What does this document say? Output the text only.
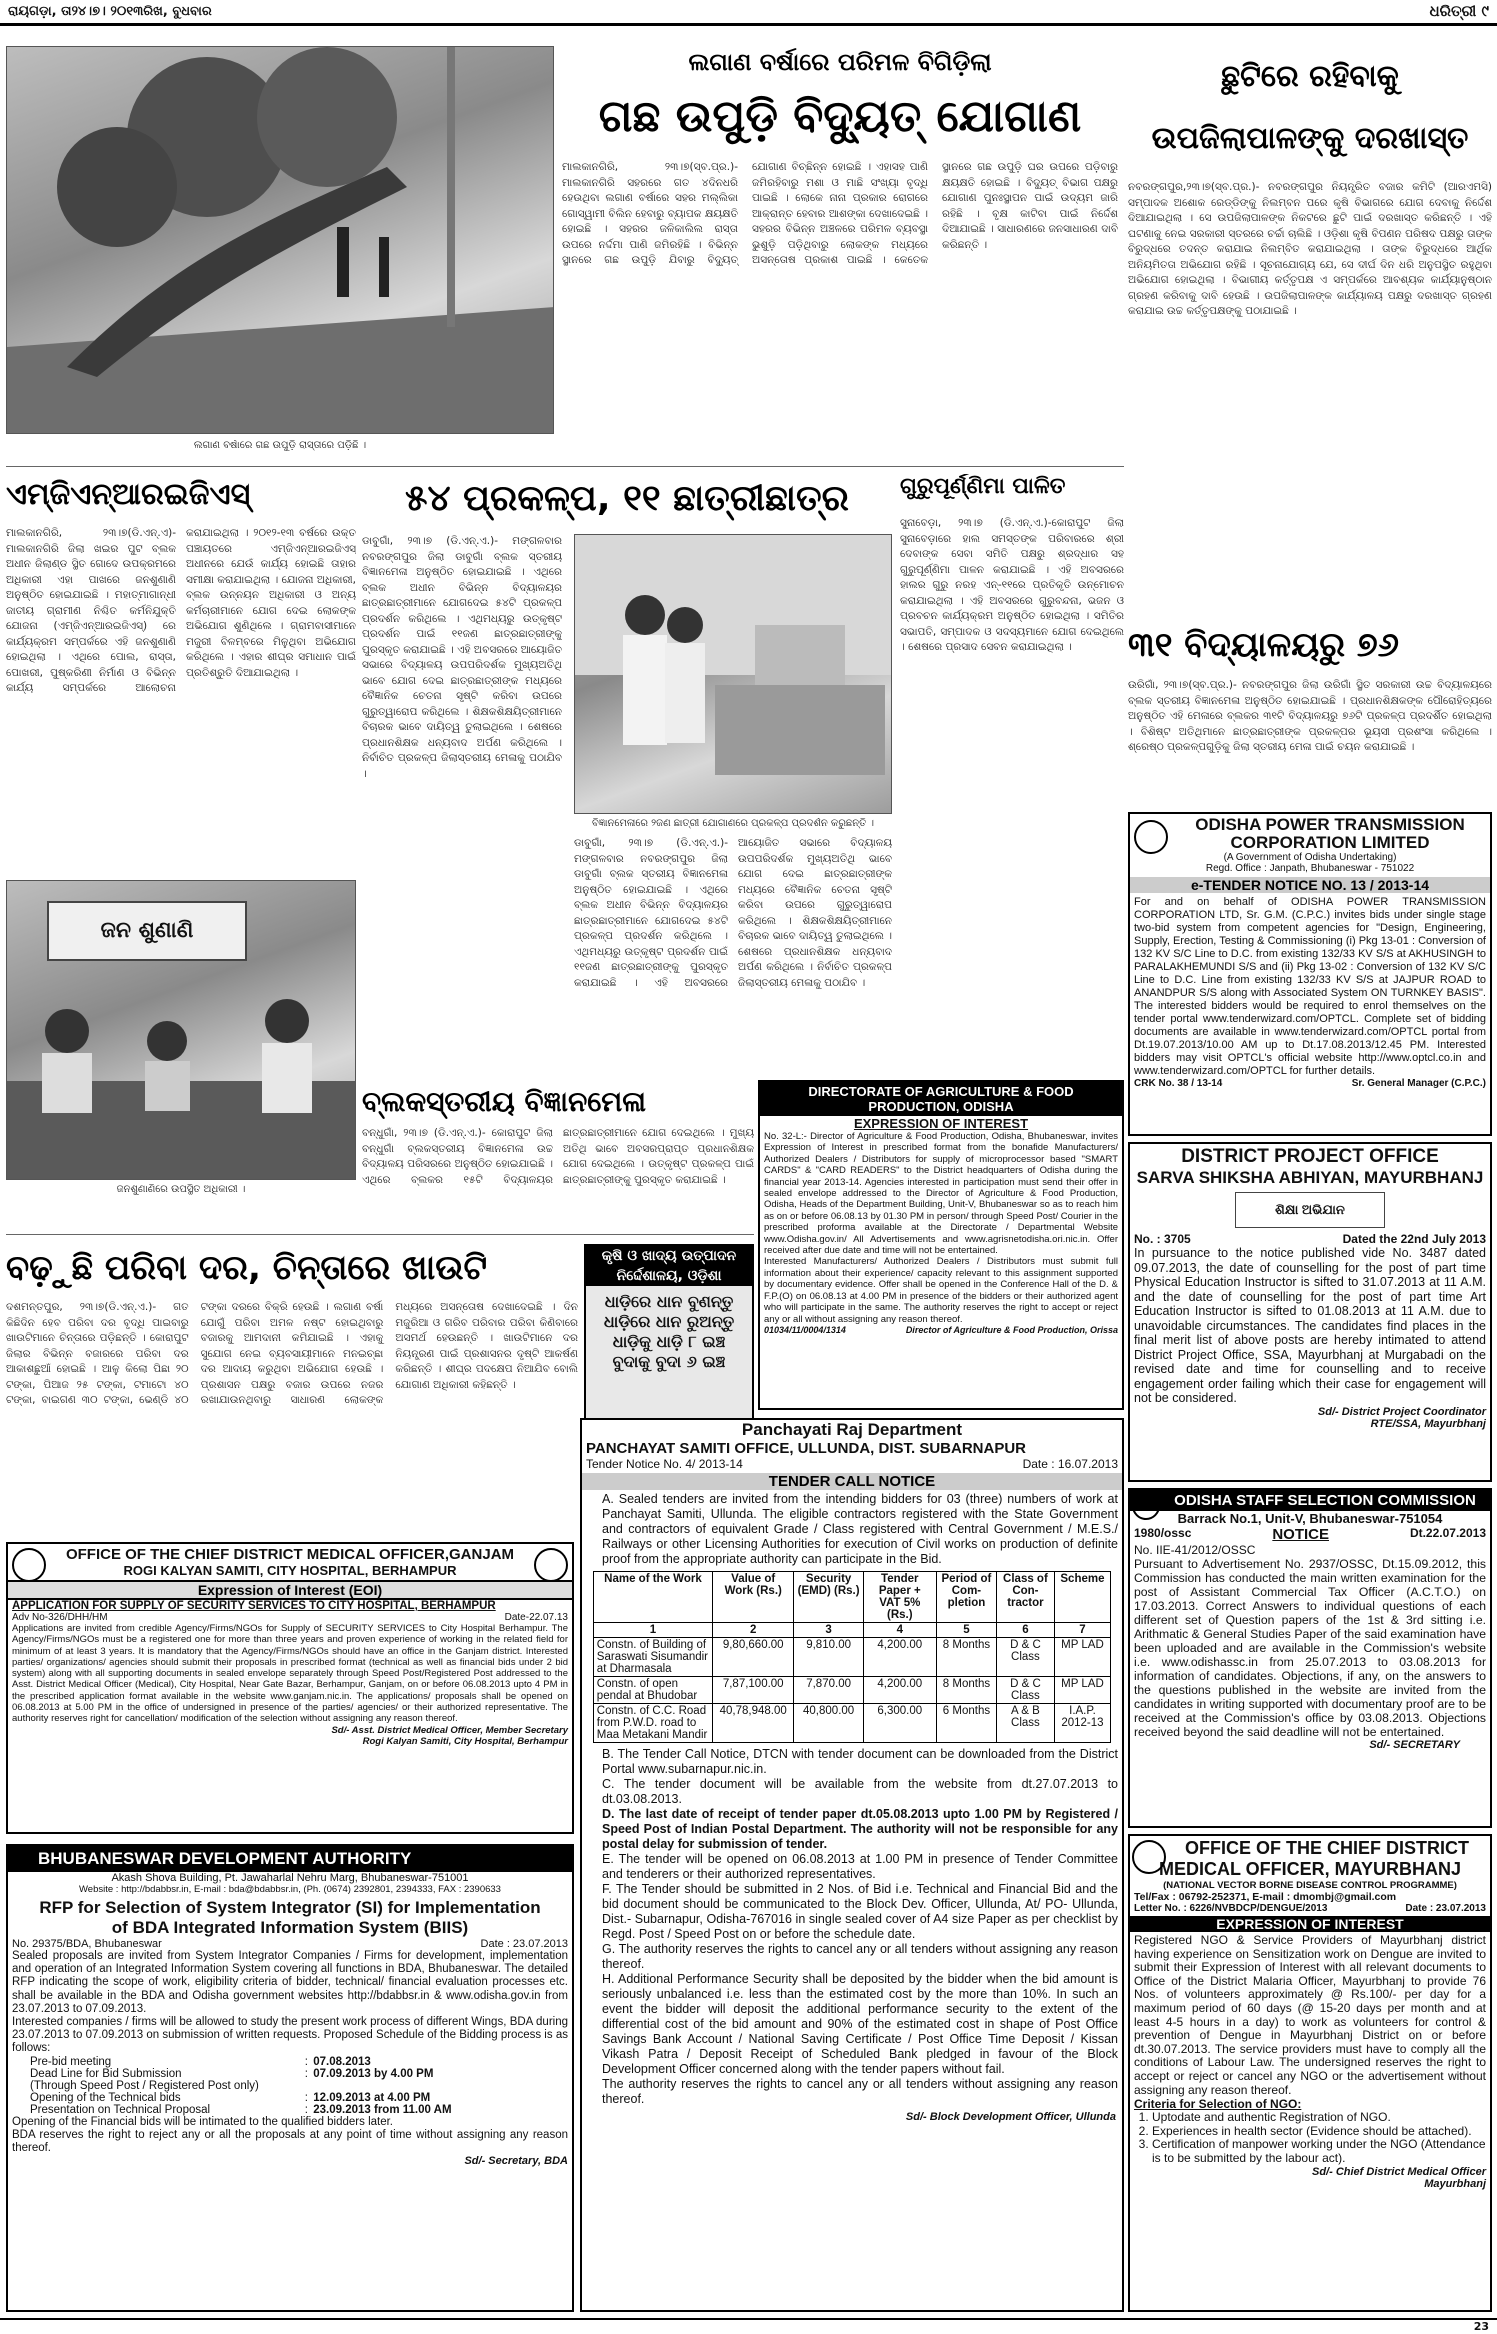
ରାୟଗଡ଼ା, ତା୨୪।୭। ୨୦୧୩ରିଖ, ବୁଧବାର	ଧରିତ୍ରୀ ୯
ଲଗାଣ ବର୍ଷାରେ ଗଛ ଉପୁଡ଼ି ରାସ୍ତାରେ ପଡ଼ିଛି ।
ଲଗାଣ ବର୍ଷାରେ ପରିମଳ ବିଗିଡ଼ିଲା
ଗଛ ଉପୁଡ଼ି ବିଦ୍ୟୁତ୍ ଯୋଗାଣ
ମାଲକାନଗିରି, ୨୩।୭(ସ୍ବ.ପ୍ର.)- ମାଲକାନଗିରି ସହରରେ ଗତ ୪ଦିନଧରି ହେଉଥିବା ଲଗାଣ ବର୍ଷାରେ ସହର ମଲ୍ଲିକା ଗୋସ୍ୱାମୀ ବିଲିନ ହେବାରୁ ବ୍ୟାପକ କ୍ଷୟକ୍ଷତି ହୋଇଛି । ସହରର ଜଳିକାଲିଲ ରାସ୍ତା ଉପରେ ନର୍ଦ୍ଦମା ପାଣି ଜମିରହିଛି । ବିଭିନ୍ନ ସ୍ଥାନରେ ଗଛ ଉପୁଡ଼ି ଯିବାରୁ ବିଦ୍ୟୁତ୍ ଯୋଗାଣ ବିଚ୍ଛିନ୍ନ ହୋଇଛି । ଏହାସହ ପାଣି ଜମିରହିବାରୁ ମଶା ଓ ମାଛି ସଂଖ୍ୟା ବୃଦ୍ଧି ପାଇଛି । ଲୋକେ ନାନା ପ୍ରକାର ରୋଗରେ ଆକ୍ରାନ୍ତ ହେବାର ଆଶଙ୍କା ଦେଖାଦେଇଛି । ସହରର ବିଭିନ୍ନ ଅଞ୍ଚଳରେ ପରିମଳ ବ୍ୟବସ୍ଥା ଭୁଶୁଡ଼ି ପଡ଼ିଥିବାରୁ ଲୋକଙ୍କ ମଧ୍ୟରେ ଅସନ୍ତୋଷ ପ୍ରକାଶ ପାଇଛି । କେତେକ ସ୍ଥାନରେ ଗଛ ଉପୁଡ଼ି ଘର ଉପରେ ପଡ଼ିବାରୁ କ୍ଷୟକ୍ଷତି ହୋଇଛି । ବିଦ୍ୟୁତ୍ ବିଭାଗ ପକ୍ଷରୁ ଯୋଗାଣ ପୁନଃସ୍ଥାପନ ପାଇଁ ଉଦ୍ୟମ ଜାରି ରହିଛି । ବୃକ୍ଷ କାଟିବା ପାଇଁ ନିର୍ଦ୍ଦେଶ ଦିଆଯାଇଛି । ସାଧାରଣରେ ଜନସାଧାରଣ ଦାବି କରିଛନ୍ତି ।
ଛୁଟିରେ ରହିବାକୁ ଉପଜିଲାପାଳଙ୍କୁ ଦରଖାସ୍ତ
ନବରଙ୍ଗପୁର,୨୩।୭(ସ୍ବ.ପ୍ର.)- ନବରଙ୍ଗପୁର ନିୟନ୍ତ୍ରିତ ବଜାର କମିଟି (ଆରଏମସି) ସମ୍ପାଦକ ଅଶୋକ ରେଡ୍ଡିଙ୍କୁ ନିଲମ୍ବନ ପରେ କୃଷି ବିଭାଗରେ ଯୋଗ ଦେବାକୁ ନିର୍ଦ୍ଦେଶ ଦିଆଯାଇଥିଲା । ସେ ଉପଜିଲାପାଳଙ୍କ ନିକଟରେ ଛୁଟି ପାଇଁ ଦରଖାସ୍ତ କରିଛନ୍ତି । ଏହି ଘଟଣାକୁ ନେଇ ସରକାରୀ ସ୍ତରରେ ଚର୍ଚ୍ଚା ଚାଲିଛି । ଓଡ଼ିଶା କୃଷି ବିପଣନ ପରିଷଦ ପକ୍ଷରୁ ତାଙ୍କ ବିରୁଦ୍ଧରେ ତଦନ୍ତ କରାଯାଇ ନିଲମ୍ବିତ କରାଯାଇଥିଲା । ତାଙ୍କ ବିରୁଦ୍ଧରେ ଆର୍ଥିକ ଅନିୟମିତତା ଅଭିଯୋଗ ରହିଛି । ସୂଚନାଯୋଗ୍ୟ ଯେ, ସେ ଦୀର୍ଘ ଦିନ ଧରି ଅନୁପସ୍ଥିତ ରହୁଥିବା ଅଭିଯୋଗ ହୋଇଥିଲା । ବିଭାଗୀୟ କର୍ତ୍ତୃପକ୍ଷ ଏ ସମ୍ପର୍କରେ ଆବଶ୍ୟକ କାର୍ଯ୍ୟାନୁଷ୍ଠାନ ଗ୍ରହଣ କରିବାକୁ ଦାବି ହେଉଛି । ଉପଜିଲାପାଳଙ୍କ କାର୍ଯ୍ୟାଳୟ ପକ୍ଷରୁ ଦରଖାସ୍ତ ଗ୍ରହଣ କରାଯାଇ ଉଚ୍ଚ କର୍ତ୍ତୃପକ୍ଷଙ୍କୁ ପଠାଯାଇଛି ।
ଏମ୍‌ଜିଏନ୍ଆରଇଜିଏସ୍
ମାଲକାନଗିରି, ୨୩।୭(ଡି.ଏନ୍.ଏ)- ମାଲକାନଗିରି ଜିଲା ଖଇର ପୁଟ ବ୍ଲକ ଅଧୀନ ଜିଲାଣ୍ଡ ସ୍ଥିତ ଗୋଦେ ଉପକ୍ରମରେ ଅଧିକାରୀ ଏହା ପାଖରେ ଜନଶୁଣାଣି ଅନୁଷ୍ଠିତ ହୋଇଯାଇଛି । ମହାତ୍ମାଗାନ୍ଧୀ ଜାତୀୟ ଗ୍ରାମୀଣ ନିଶ୍ଚିତ କର୍ମନିଯୁକ୍ତି ଯୋଜନା (ଏମ୍‌ଜିଏନ୍ଆରଇଜିଏସ୍) ରେ କାର୍ଯ୍ୟକ୍ରମ ସମ୍ପର୍କରେ ଏହି ଜନଶୁଣାଣି ହୋଇଥିଲା । ଏଥିରେ ପୋଲ, ରାସ୍ତା, ପୋଖରୀ, ପୁଷ୍କରିଣୀ ନିର୍ମାଣ ଓ ବିଭିନ୍ନ କାର୍ଯ୍ୟ ସମ୍ପର୍କରେ ଆଲୋଚନା କରାଯାଇଥିଲା । ୨୦୧୨-୧୩ ବର୍ଷରେ ଉକ୍ତ ପଞ୍ଚାୟତରେ ଏମ୍‌ଜିଏନ୍ଆରଇଜିଏସ୍ ଅଧୀନରେ ଯେଉଁ କାର୍ଯ୍ୟ ହୋଇଛି ତାହାର ସମୀକ୍ଷା କରାଯାଇଥିଲା । ଯୋଜନା ଅଧିକାରୀ, ବ୍ଲକ ଉନ୍ନୟନ ଅଧିକାରୀ ଓ ଅନ୍ୟ କର୍ମଚାରୀମାନେ ଯୋଗ ଦେଇ ଲୋକଙ୍କ ଅଭିଯୋଗ ଶୁଣିଥିଲେ । ଗ୍ରାମବାସୀମାନେ ମଜୁରୀ ବିଳମ୍ବରେ ମିଳୁଥିବା ଅଭିଯୋଗ କରିଥିଲେ । ଏହାର ଶୀଘ୍ର ସମାଧାନ ପାଇଁ ପ୍ରତିଶ୍ରୁତି ଦିଆଯାଇଥିଲା ।
ଜନ ଶୁଣାଣି
ଜନଶୁଣାଣିରେ ଉପସ୍ଥିତ ଅଧିକାରୀ ।
୫୪ ପ୍ରକଳ୍ପ, ୧୧ ଛାତ୍ରୀଛାତ୍ର
ଡାବୁଗାଁ, ୨୩।୭ (ଡି.ଏନ୍.ଏ.)- ମଙ୍ଗଳବାର ନବରଙ୍ଗପୁର ଜିଲା ଡାବୁଗାଁ ବ୍ଲକ ସ୍ତରୀୟ ବିଜ୍ଞାନମେଳା ଅନୁଷ୍ଠିତ ହୋଇଯାଇଛି । ଏଥିରେ ବ୍ଲକ ଅଧୀନ ବିଭିନ୍ନ ବିଦ୍ୟାଳୟର ଛାତ୍ରଛାତ୍ରୀମାନେ ଯୋଗଦେଇ ୫୪ଟି ପ୍ରକଳ୍ପ ପ୍ରଦର୍ଶନ କରିଥିଲେ । ଏଥିମଧ୍ୟରୁ ଉତ୍କୃଷ୍ଟ ପ୍ରଦର୍ଶନ ପାଇଁ ୧୧ଜଣ ଛାତ୍ରଛାତ୍ରୀଙ୍କୁ ପୁରସ୍କୃତ କରାଯାଇଛି । ଏହି ଅବସରରେ ଆୟୋଜିତ ସଭାରେ ବିଦ୍ୟାଳୟ ଉପପରିଦର୍ଶକ ମୁଖ୍ୟଅତିଥି ଭାବେ ଯୋଗ ଦେଇ ଛାତ୍ରଛାତ୍ରୀଙ୍କ ମଧ୍ୟରେ ବୈଜ୍ଞାନିକ ଚେତନା ସୃଷ୍ଟି କରିବା ଉପରେ ଗୁରୁତ୍ୱାରୋପ କରିଥିଲେ । ଶିକ୍ଷକଶିକ୍ଷୟିତ୍ରୀମାନେ ବିଚାରକ ଭାବେ ଦାୟିତ୍ୱ ତୁଲାଇଥିଲେ । ଶେଷରେ ପ୍ରଧାନଶିକ୍ଷକ ଧନ୍ୟବାଦ ଅର୍ପଣ କରିଥିଲେ । ନିର୍ବାଚିତ ପ୍ରକଳ୍ପ ଜିଲାସ୍ତରୀୟ ମେଳାକୁ ପଠାଯିବ ।
ବିଜ୍ଞାନମେଳାରେ ୨ଜଣ ଛାତ୍ରୀ ଯୋଗାଣରେ ପ୍ରକଳ୍ପ ପ୍ରଦର୍ଶନ କରୁଛନ୍ତି ।
ଡାବୁଗାଁ, ୨୩।୭ (ଡି.ଏନ୍.ଏ.)- ମଙ୍ଗଳବାର ନବରଙ୍ଗପୁର ଜିଲା ଡାବୁଗାଁ ବ୍ଲକ ସ୍ତରୀୟ ବିଜ୍ଞାନମେଳା ଅନୁଷ୍ଠିତ ହୋଇଯାଇଛି । ଏଥିରେ ବ୍ଲକ ଅଧୀନ ବିଭିନ୍ନ ବିଦ୍ୟାଳୟର ଛାତ୍ରଛାତ୍ରୀମାନେ ଯୋଗଦେଇ ୫୪ଟି ପ୍ରକଳ୍ପ ପ୍ରଦର୍ଶନ କରିଥିଲେ । ଏଥିମଧ୍ୟରୁ ଉତ୍କୃଷ୍ଟ ପ୍ରଦର୍ଶନ ପାଇଁ ୧୧ଜଣ ଛାତ୍ରଛାତ୍ରୀଙ୍କୁ ପୁରସ୍କୃତ କରାଯାଇଛି । ଏହି ଅବସରରେ ଆୟୋଜିତ ସଭାରେ ବିଦ୍ୟାଳୟ ଉପପରିଦର୍ଶକ ମୁଖ୍ୟଅତିଥି ଭାବେ ଯୋଗ ଦେଇ ଛାତ୍ରଛାତ୍ରୀଙ୍କ ମଧ୍ୟରେ ବୈଜ୍ଞାନିକ ଚେତନା ସୃଷ୍ଟି କରିବା ଉପରେ ଗୁରୁତ୍ୱାରୋପ କରିଥିଲେ । ଶିକ୍ଷକଶିକ୍ଷୟିତ୍ରୀମାନେ ବିଚାରକ ଭାବେ ଦାୟିତ୍ୱ ତୁଲାଇଥିଲେ । ଶେଷରେ ପ୍ରଧାନଶିକ୍ଷକ ଧନ୍ୟବାଦ ଅର୍ପଣ କରିଥିଲେ । ନିର୍ବାଚିତ ପ୍ରକଳ୍ପ ଜିଲାସ୍ତରୀୟ ମେଳାକୁ ପଠାଯିବ ।
ଗୁରୁପୂର୍ଣ୍ଣିମା ପାଳିତ
ସୁନାବେଡ଼ା, ୨୩।୭ (ଡି.ଏନ୍.ଏ.)-କୋରାପୁଟ ଜିଲା ସୁନାବେଡ଼ାରେ ହାଲ ସମସ୍ତଙ୍କ ପରିବାରରେ ଶ୍ରୀ ଦେବାଙ୍କ ସେବା ସମିତି ପକ୍ଷରୁ ଶ୍ରଦ୍ଧାର ସହ ଗୁରୁପୂର୍ଣ୍ଣିମା ପାଳନ କରାଯାଇଛି । ଏହି ଅବସରରେ ହାଲର ଗୁରୁ ନରହ ଏନ୍-୧୧ରେ ପ୍ରତିକୃତି ଉନ୍ମୋଚନ କରାଯାଇଥିଲା । ଏହି ଅବସରରେ ଗୁରୁବନ୍ଦନା, ଭଜନ ଓ ପ୍ରବଚନ କାର୍ଯ୍ୟକ୍ରମ ଅନୁଷ୍ଠିତ ହୋଇଥିଲା । ସମିତିର ସଭାପତି, ସମ୍ପାଦକ ଓ ସଦସ୍ୟମାନେ ଯୋଗ ଦେଇଥିଲେ । ଶେଷରେ ପ୍ରସାଦ ସେବନ କରାଯାଇଥିଲା ।	୩୧ ବିଦ୍ୟାଳୟରୁ ୭୬
ଉରିଗାଁ, ୨୩।୭(ସ୍ବ.ପ୍ର.)- ନବରଙ୍ଗପୁର ଜିଲା ଉରିଗାଁ ସ୍ଥିତ ସରକାରୀ ଉଚ୍ଚ ବିଦ୍ୟାଳୟରେ ବ୍ଲକ ସ୍ତରୀୟ ବିଜ୍ଞାନମେଳା ଅନୁଷ୍ଠିତ ହୋଇଯାଇଛି । ପ୍ରଧାନଶିକ୍ଷକଙ୍କ ପୌରୋହିତ୍ୟରେ ଅନୁଷ୍ଠିତ ଏହି ମେଳାରେ ବ୍ଲକର ୩୧ଟି ବିଦ୍ୟାଳୟରୁ ୭୬ଟି ପ୍ରକଳ୍ପ ପ୍ରଦର୍ଶିତ ହୋଇଥିଲା । ବିଶିଷ୍ଟ ଅତିଥିମାନେ ଛାତ୍ରଛାତ୍ରୀଙ୍କ ପ୍ରକଳ୍ପର ଭୂୟସୀ ପ୍ରଶଂସା କରିଥିଲେ । ଶ୍ରେଷ୍ଠ ପ୍ରକଳ୍ପଗୁଡ଼ିକୁ ଜିଲା ସ୍ତରୀୟ ମେଳା ପାଇଁ ଚୟନ କରାଯାଇଛି ।
ODISHA POWER TRANSMISSION CORPORATION LIMITED
(A Government of Odisha Undertaking)
Regd. Office : Janpath, Bhubaneswar - 751022
e-TENDER NOTICE NO. 13 / 2013-14

For and on behalf of ODISHA POWER TRANSMISSION CORPORATION LTD, Sr. G.M. (C.P.C.) invites bids under single stage two-bid system from competent agencies for "Design, Engineering, Supply, Erection, Testing & Commissioning (i) Pkg 13-01 : Conversion of 132 KV S/C Line to D.C. from existing 132/33 KV S/S at AKHUSINGH to PARALAKHEMUNDI S/S and (ii) Pkg 13-02 : Conversion of 132 KV S/C Line to D.C. Line from existing 132/33 KV S/S at JAJPUR ROAD to ANANDPUR S/S along with Associated System ON TURNKEY BASIS". The interested bidders would be required to enrol themselves on the tender portal www.tenderwizard.com/OPTCL. Complete set of bidding documents are available in www.tenderwizard.com/OPTCL portal from Dt.19.07.2013/10.00 AM up to Dt.17.08.2013/12.45 PM. Interested bidders may visit OPTCL's official website http://www.optcl.co.in and www.tenderwizard.com/OPTCL for further details.

CRK No. 38 / 13-14	Sr. General Manager (C.P.C.)
DISTRICT PROJECT OFFICE
SARVA SHIKSHA ABHIYAN, MAYURBHANJ
ଶିକ୍ଷା ଅଭିଯାନ
No. : 3705	Dated the 22nd July 2013

In pursuance to the notice published vide No. 3487 dated 09.07.2013, the date of counselling for the post of part time Physical Education Instructor is sifted to 31.07.2013 at 11 A.M. and the date of counselling for the post of part time Art Education Instructor is sifted to 01.08.2013 at 11 A.M. due to unavoidable circumstances. The candidates find places in the final merit list of above posts are hereby intimated to attend District Project Office, SSA, Mayurbhanj at Murgabadi on the revised date and time for counselling and to receive engagement order failing which their case for engagement will not be considered.

Sd/- District Project Coordinator
RTE/SSA, Mayurbhanj
ବ୍ଲକସ୍ତରୀୟ ବିଜ୍ଞାନମେଳା
ବନ୍ଧୁଗାଁ, ୨୩।୭ (ଡି.ଏନ୍.ଏ.)- କୋରାପୁଟ ଜିଲା ବନ୍ଧୁଗାଁ ବ୍ଲକସ୍ତରୀୟ ବିଜ୍ଞାନମେଳା ଉଚ୍ଚ ବିଦ୍ୟାଳୟ ପରିସରରେ ଅନୁଷ୍ଠିତ ହୋଇଯାଇଛି । ଏଥିରେ ବ୍ଲକର ୧୫ଟି ବିଦ୍ୟାଳୟର ଛାତ୍ରଛାତ୍ରୀମାନେ ଯୋଗ ଦେଇଥିଲେ । ମୁଖ୍ୟ ଅତିଥି ଭାବେ ଅବସରପ୍ରାପ୍ତ ପ୍ରଧାନଶିକ୍ଷକ ଯୋଗ ଦେଇଥିଲେ । ଉତ୍କୃଷ୍ଟ ପ୍ରକଳ୍ପ ପାଇଁ ଛାତ୍ରଛାତ୍ରୀଙ୍କୁ ପୁରସ୍କୃତ କରାଯାଇଛି ।
DIRECTORATE OF AGRICULTURE & FOOD PRODUCTION, ODISHA
EXPRESSION OF INTEREST

No. 32-L:- Director of Agriculture & Food Production, Odisha, Bhubaneswar, invites Expression of Interest in prescribed format from the bonafide Manufacturers/ Authorized Dealers / Distributors for supply of microprocessor based "SMART CARDS" & "CARD READERS" to the District headquarters of Odisha during the financial year 2013-14. Agencies interested in participation must send their offer in sealed envelope addressed to the Director of Agriculture & Food Production, Odisha, Heads of the Department Building, Unit-V, Bhubaneswar so as to reach him as on or before 06.08.13 by 01.30 PM in person/ through Speed Post/ Courier in the prescribed proforma available at the Directorate / Departmental Website www.Odisha.gov.in/ All Advertisements and www.agrisnetodisha.ori.nic.in. Offer received after due date and time will not be entertained.

Interested Manufacturers/ Authorized Dealers / Distributors must submit full information about their experience/ capacity relevant to this assignment supported by documentary evidence. Offer shall be opened in the Conference Hall of the D. & F.P.(O) on 06.08.13 at 4.00 PM in presence of the bidders or their authorized agent who will participate in the same. The authority reserves the right to accept or reject any or all without assigning any reason thereof.

01034/11/0004/1314	Director of Agriculture & Food Production, Orissa
ବଢ଼ୁଛି ପରିବା ଦର, ଚିନ୍ତାରେ ଖାଉଟି
ଦଶମନ୍ତପୁର, ୨୩।୭(ଡି.ଏନ୍.ଏ.)- ଗତ କିଛିଦିନ ହେବ ପରିବା ଦର ବୃଦ୍ଧି ପାଇବାରୁ ଖାଉଟିମାନେ ଚିନ୍ତାରେ ପଡ଼ିଛନ୍ତି । କୋରାପୁଟ ଜିଲାର ବିଭିନ୍ନ ବଜାରରେ ପରିବା ଦର ଆକାଶଛୁଆଁ ହୋଇଛି । ଆଳୁ କିଲୋ ପିଛା ୨୦ ଟଙ୍କା, ପିଆଜ ୨୫ ଟଙ୍କା, ଟମାଟୋ ୪୦ ଟଙ୍କା, ବାଇଗଣ ୩୦ ଟଙ୍କା, ଭେଣ୍ଡି ୪୦ ଟଙ୍କା ଦରରେ ବିକ୍ରି ହେଉଛି । ଲଗାଣ ବର୍ଷା ଯୋଗୁଁ ପରିବା ଅମଳ ନଷ୍ଟ ହୋଇଥିବାରୁ ବଜାରକୁ ଆମଦାନୀ କମିଯାଇଛି । ଏହାକୁ ସୁଯୋଗ ନେଇ ବ୍ୟବସାୟୀମାନେ ମନଇଚ୍ଛା ଦର ଆଦାୟ କରୁଥିବା ଅଭିଯୋଗ ହେଉଛି । ପ୍ରଶାସନ ପକ୍ଷରୁ ବଜାର ଉପରେ ନଜର ରଖାଯାଉନଥିବାରୁ ସାଧାରଣ ଲୋକଙ୍କ ମଧ୍ୟରେ ଅସନ୍ତୋଷ ଦେଖାଦେଇଛି । ଦିନ ମଜୁରିଆ ଓ ଗରିବ ପରିବାର ପରିବା କିଣିବାରେ ଅସମର୍ଥ ହେଉଛନ୍ତି । ଖାଉଟିମାନେ ଦର ନିୟନ୍ତ୍ରଣ ପାଇଁ ପ୍ରଶାସନର ଦୃଷ୍ଟି ଆକର୍ଷଣ କରିଛନ୍ତି । ଶୀଘ୍ର ପଦକ୍ଷେପ ନିଆଯିବ ବୋଲି ଯୋଗାଣ ଅଧିକାରୀ କହିଛନ୍ତି ।
କୃଷି ଓ ଖାଦ୍ୟ ଉତ୍ପାଦନ
ନିର୍ଦ୍ଦେଶାଳୟ, ଓଡ଼ିଶା
ଧାଡ଼ିରେ ଧାନ ବୁଣନ୍ତୁ
ଧାଡ଼ିରେ ଧାନ ରୁଅନ୍ତୁ
ଧାଡ଼ିକୁ ଧାଡ଼ି ୮ ଇଞ୍ଚ
ବୁଦାକୁ ବୁଦା ୬ ଇଞ୍ଚ
OFFICE OF THE CHIEF DISTRICT MEDICAL OFFICER,GANJAM
ROGI KALYAN SAMITI, CITY HOSPITAL, BERHAMPUR
Expression of Interest (EOI)
APPLICATION FOR SUPPLY OF SECURITY SERVICES TO CITY HOSPITAL, BERHAMPUR
Adv No-326/DHH/HM	Date-22.07.13

Applications are invited from credible Agency/Firms/NGOs for Supply of SECURITY SERVICES to City Hospital Berhampur. The Agency/Firms/NGOs must be a registered one for more than three years and proven experience of working in the related field for minimum of at least 3 years. It is mandatory that the Agency/Firms/NGOs should have an office in the Ganjam district. Interested parties/ organizations/ agencies should submit their proposals in prescribed format (technical as well as financial bids under 2 bid system) along with all supporting documents in sealed envelope separately through Speed Post/Registered Post addressed to the Asst. District Medical Officer (Medical), City Hospital, Near Gate Bazar, Berhampur, Ganjam, on or before 06.08.2013 upto 4 PM in the prescribed application format available in the website www.ganjam.nic.in. The applications/ proposals shall be opened on 06.08.2013 at 5.00 PM in the office of undersigned in presence of the parties/ agencies/ or their authorized representative. The authority reserves right for cancellation/ modification of the selection without assigning any reason thereof.

Sd/- Asst. District Medical Officer, Member Secretary
Rogi Kalyan Samiti, City Hospital, Berhampur
BHUBANESWAR DEVELOPMENT AUTHORITY
Akash Shova Building, Pt. Jawaharlal Nehru Marg, Bhubaneswar-751001
Website : http://bdabbsr.in, E-mail : bda@bdabbsr.in, (Ph. (0674) 2392801, 2394333, FAX : 2390633
RFP for Selection of System Integrator (SI) for Implementation
of BDA Integrated Information System (BIIS)
No. 29375/BDA, Bhubaneswar	Date : 23.07.2013

Sealed proposals are invited from System Integrator Companies / Firms for development, implementation and operation of an Integrated Information System covering all functions in BDA, Bhubaneswar. The detailed RFP indicating the scope of work, eligibility criteria of bidder, technical/ financial evaluation processes etc. shall be available in the BDA and Odisha government websites http://bdabbsr.in & www.odisha.gov.in from 23.07.2013 to 07.09.2013.

Interested companies / firms will be allowed to study the present work process of different Wings, BDA during 23.07.2013 to 07.09.2013 on submission of written requests. Proposed Schedule of the Bidding process is as follows:

Pre-bid meeting	:	07.08.2013
Dead Line for Bid Submission	:	07.09.2013 by 4.00 PM
(Through Speed Post / Registered Post only)		
Opening of the Technical bids	:	12.09.2013 at 4.00 PM
Presentation on Technical Proposal	:	23.09.2013 from 11.00 AM

Opening of the Financial bids will be intimated to the qualified bidders later.

BDA reserves the right to reject any or all the proposals at any point of time without assigning any reason thereof.

Sd/- Secretary, BDA
Panchayati Raj Department
PANCHAYAT SAMITI OFFICE, ULLUNDA, DIST. SUBARNAPUR
Tender Notice No. 4/ 2013-14	Date : 16.07.2013
TENDER CALL NOTICE

A. Sealed tenders are invited from the intending bidders for 03 (three) numbers of work at Panchayat Samiti, Ullunda. The eligible contractors registered with the State Government and contractors of equivalent Grade / Class registered with Central Government / M.E.S./ Railways or other Licensing Authorities for execution of Civil works on production of definite proof from the appropriate authority can participate in the Bid.

Name of the Work	Value of Work (Rs.)	Security (EMD) (Rs.)	Tender Paper + VAT 5% (Rs.)	Period of Com-pletion	Class of Con-tractor	Scheme
1	2	3	4	5	6	7
Constn. of Building of Saraswati Sisumandir at Dharmasala	9,80,660.00	9,810.00	4,200.00	8 Months	D & C Class	MP LAD
Constn. of open pendal at Bhudobar	7,87,100.00	7,870.00	4,200.00	8 Months	D & C Class	MP LAD
Constn. of C.C. Road from P.W.D. road to Maa Metakani Mandir	40,78,948.00	40,800.00	6,300.00	6 Months	A & B Class	I.A.P. 2012-13

B. The Tender Call Notice, DTCN with tender document can be downloaded from the District Portal www.subarnapur.nic.in.

C. The tender document will be available from the website from dt.27.07.2013 to dt.03.08.2013.

D. The last date of receipt of tender paper dt.05.08.2013 upto 1.00 PM by Registered / Speed Post of Indian Postal Department. The authority will not be responsible for any postal delay for submission of tender.

E. The tender will be opened on 06.08.2013 at 1.00 PM in presence of Tender Committee and tenderers or their authorized representatives.

F. The Tender should be submitted in 2 Nos. of Bid i.e. Technical and Financial Bid and the bid document should be communicated to the Block Dev. Officer, Ullunda, At/ PO- Ullunda, Dist.- Subarnapur, Odisha-767016 in single sealed cover of A4 size Paper as per checklist by Regd. Post / Speed Post on or before the schedule date.

G. The authority reserves the rights to cancel any or all tenders without assigning any reason thereof.

H. Additional Performance Security shall be deposited by the bidder when the bid amount is seriously unbalanced i.e. less than the estimated cost by the more than 10%. In such an event the bidder will deposit the additional performance security to the extent of the differential cost of the bid amount and 90% of the estimated cost in shape of Post Office Savings Bank Account / National Saving Certificate / Post Office Time Deposit / Kissan Vikash Patra / Deposit Receipt of Scheduled Bank pledged in favour of the Block Development Officer concerned along with the tender papers without fail.

The authority reserves the rights to cancel any or all tenders without assigning any reason thereof.

Sd/- Block Development Officer, Ullunda
ODISHA STAFF SELECTION COMMISSION
Barrack No.1, Unit-V, Bhubaneswar-751054
1980/ossc	NOTICE	Dt.22.07.2013
No. IIE-41/2012/OSSC

Pursuant to Advertisement No. 2937/OSSC, Dt.15.09.2012, this Commission has conducted the main written examination for the post of Assistant Commercial Tax Officer (A.C.T.O.) on 17.03.2013. Correct Answers to individual questions of each different set of Question papers of the 1st & 3rd sitting i.e. Arithmatic & General Studies Paper of the said examination have been uploaded and are available in the Commission's website i.e. www.odishassc.in from 25.07.2013 to 03.08.2013 for information of candidates. Objections, if any, on the answers to the questions published in the website are invited from the candidates in writing supported with documentary proof are to be received at the Commission's office by 03.08.2013. Objections received beyond the said deadline will not be entertained.

Sd/- SECRETARY
OFFICE OF THE CHIEF DISTRICT
MEDICAL OFFICER, MAYURBHANJ
(NATIONAL VECTOR BORNE DISEASE CONTROL PROGRAMME)
Tel/Fax : 06792-252371, E-mail : dmombj@gmail.com
Letter No. : 6226/NVBDCP/DENGUE/2013	Date : 23.07.2013
EXPRESSION OF INTEREST

Registered NGO & Service Providers of Mayurbhanj district having experience on Sensitization work on Dengue are invited to submit their Expression of Interest with all relevant documents to Office of the District Malaria Officer, Mayurbhanj to provide 76 Nos. of volunteers approximately @ Rs.100/- per day for a maximum period of 60 days (@ 15-20 days per month and at least 4-5 hours in a day) to work as volunteers for control & prevention of Dengue in Mayurbhanj District on or before dt.30.07.2013. The service providers must have to comply all the conditions of Labour Law. The undersigned reserves the right to accept or reject or cancel any NGO or the advertisement without assigning any reason thereof.

Criteria for Selection of NGO:
1. Uptodate and authentic Registration of NGO.
2. Experiences in health sector (Evidence should be attached).
3. Certification of manpower working under the NGO (Attendance is to be submitted by the labour act).
Sd/- Chief District Medical Officer
Mayurbhanj
23
